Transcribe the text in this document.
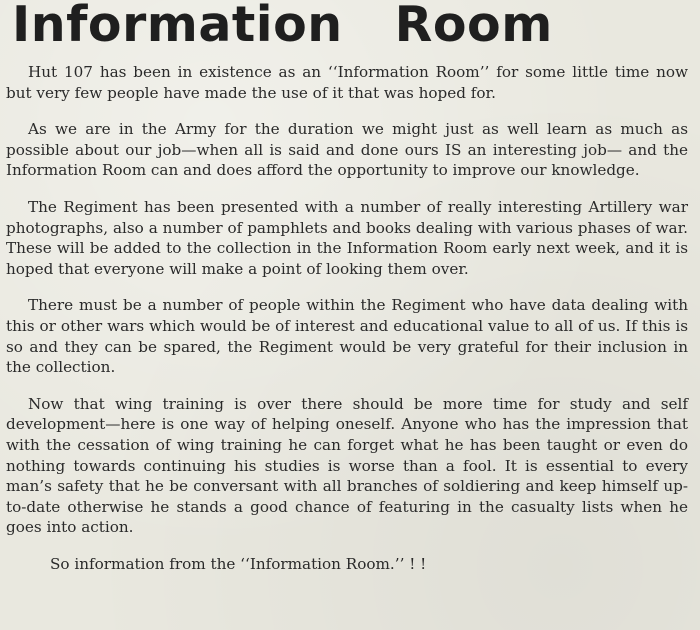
Information Room

Hut 107 has been in existence as an ‘‘Information Room’’ for some little time now but very few people have made the use of it that was hoped for.

As we are in the Army for the duration we might just as well learn as much as possible about our job—when all is said and done ours IS an interesting job— and the Information Room can and does afford the opportunity to improve our knowledge.

The Regiment has been presented with a number of really interesting Artillery war photographs, also a number of pamphlets and books dealing with various phases of war. These will be added to the collection in the Information Room early next week, and it is hoped that everyone will make a point of looking them over.

There must be a number of people within the Regiment who have data dealing with this or other wars which would be of interest and educational value to all of us. If this is so and they can be spared, the Regiment would be very grateful for their inclusion in the collection.

Now that wing training is over there should be more time for study and self development—here is one way of helping oneself. Anyone who has the impression that with the cessation of wing training he can forget what he has been taught or even do nothing towards continuing his studies is worse than a fool. It is essential to every man’s safety that he be conversant with all branches of soldiering and keep himself up-to-date otherwise he stands a good chance of featuring in the casualty lists when he goes into action.

So information from the ‘‘Information Room.’’ ! !
